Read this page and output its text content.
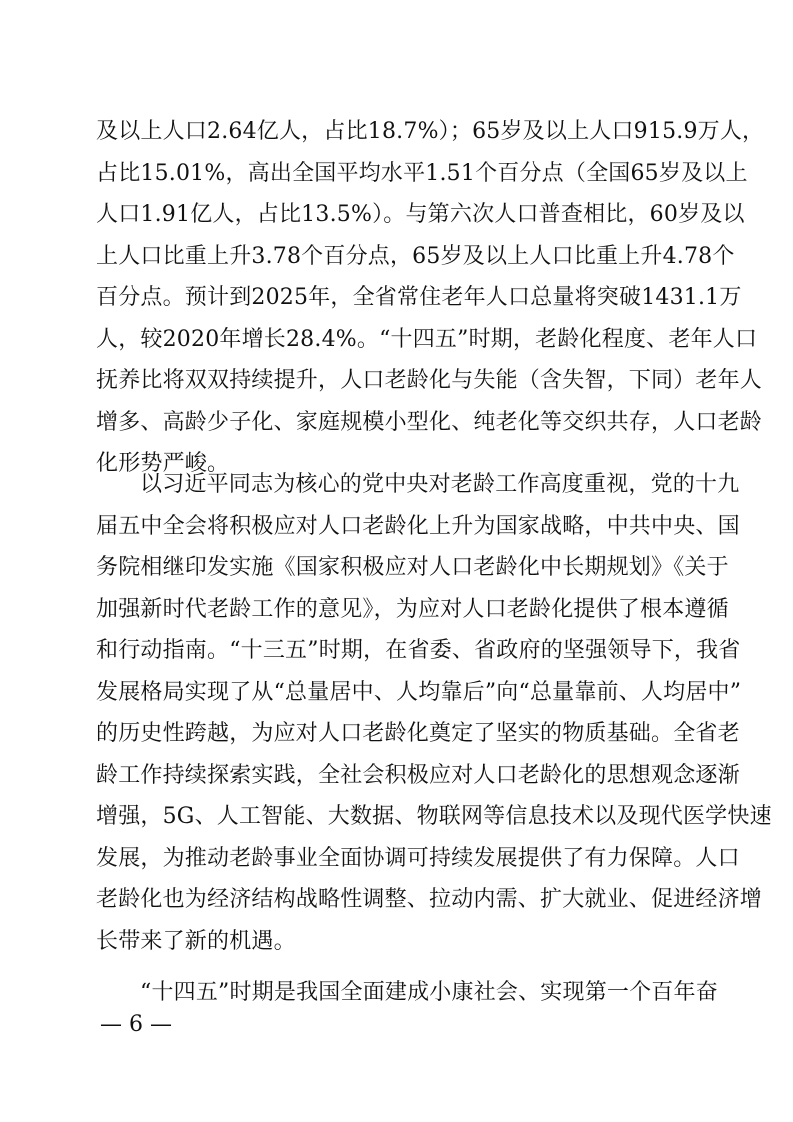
及以上人口2.64亿人，占比18.7%）；65岁及以上人口915.9万人，
占比15.01%，高出全国平均水平1.51个百分点（全国65岁及以上
人口1.91亿人，占比13.5%）。与第六次人口普查相比，60岁及以
上人口比重上升3.78个百分点，65岁及以上人口比重上升4.78个
百分点。预计到2025年，全省常住老年人口总量将突破1431.1万
人，较2020年增长28.4%。“十四五”时期，老龄化程度、老年人口
抚养比将双双持续提升，人口老龄化与失能（含失智，下同）老年人
增多、高龄少子化、家庭规模小型化、纯老化等交织共存，人口老龄
化形势严峻。
— 6 —
以习近平同志为核心的党中央对老龄工作高度重视，党的十九
届五中全会将积极应对人口老龄化上升为国家战略，中共中央、国
务院相继印发实施《国家积极应对人口老龄化中长期规划》《关于
加强新时代老龄工作的意见》，为应对人口老龄化提供了根本遵循
和行动指南。“十三五”时期，在省委、省政府的坚强领导下，我省
发展格局实现了从“总量居中、人均靠后”向“总量靠前、人均居中”
的历史性跨越，为应对人口老龄化奠定了坚实的物质基础。全省老
龄工作持续探索实践，全社会积极应对人口老龄化的思想观念逐渐
增强，5G、人工智能、大数据、物联网等信息技术以及现代医学快速
发展，为推动老龄事业全面协调可持续发展提供了有力保障。人口
老龄化也为经济结构战略性调整、拉动内需、扩大就业、促进经济增
长带来了新的机遇。
“十四五”时期是我国全面建成小康社会、实现第一个百年奋
